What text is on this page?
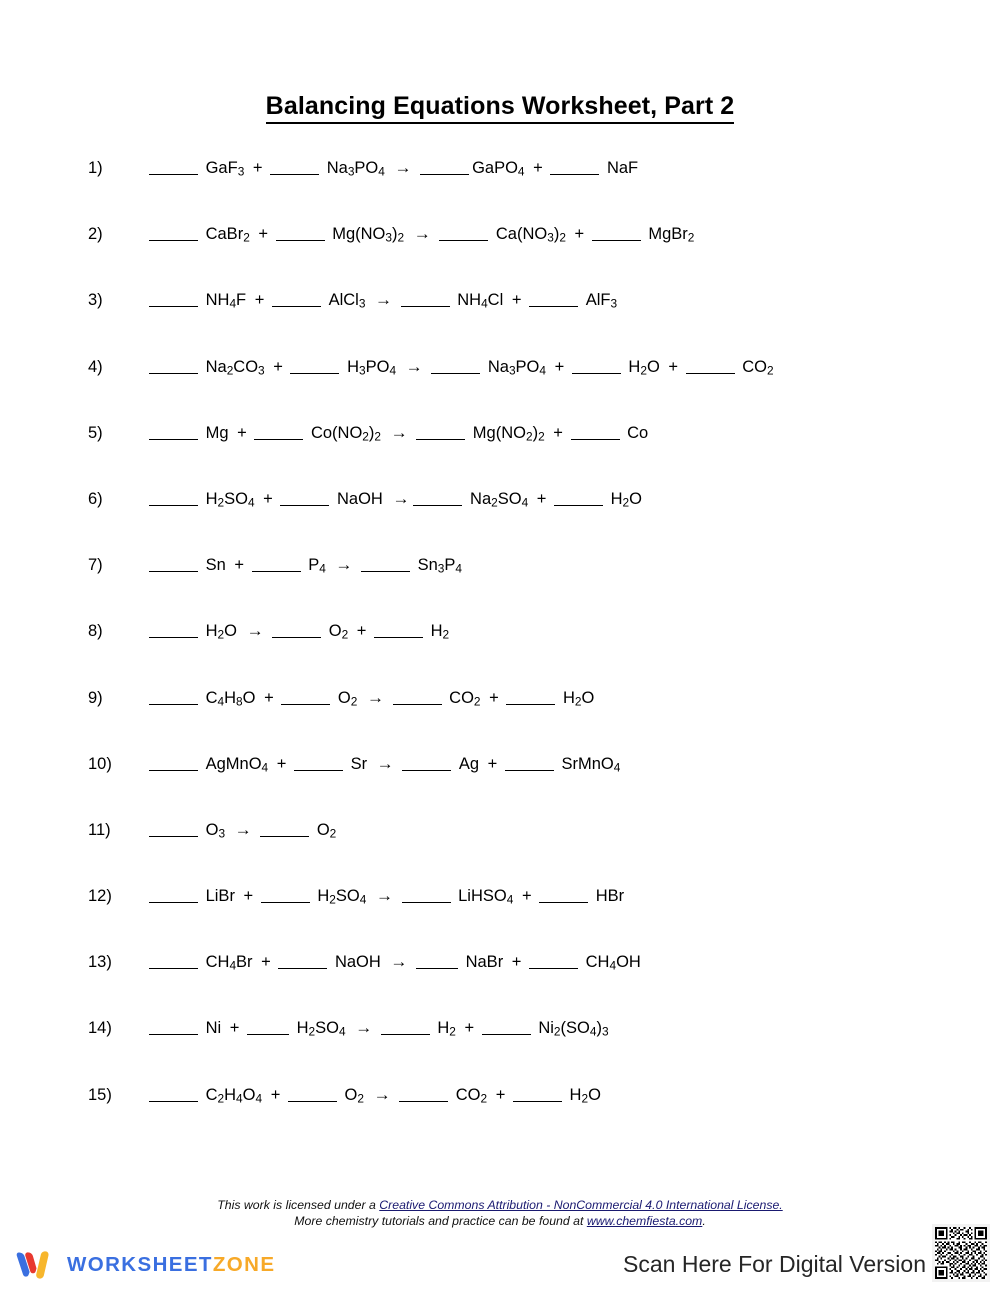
Balancing Equations Worksheet, Part 2
1)	GaF$_3$ +	$Na_3PO_4$ →	GaPO$_4$ +	NaF
2)	CaBr$_2$ +	$Mg(NO_3)_2$ →	$Ca(NO_3)_2$ +	MgBr$_2$
3)	$NH_4F$ +	AlCl$_3$ →	$NH_4Cl$ +	AlF$_3$
4)	$Na_2CO_3$ +	$H_3PO_4$ →	$Na_3PO_4$ +	$H_2O$ +	$CO_2$
5)	Mg +	$Co(NO_2)_2$ →	$Mg(NO_2)_2$ +	Co
6)	$H_2SO_4$ +	NaOH →	$Na_2SO_4$ +	$H_2O$
7)	Sn +	$P_4$ →	$Sn_3P_4$
8)	$H_2O$ →	$O_2$ +	$H_2$
9)	$C_4H_8O$ +	$O_2$ →	$CO_2$ +	$H_2O$
10)	AgMnO$_4$ +	Sr →	Ag +	SrMnO$_4$
11)	$O_3$ →	$O_2$
12)	LiBr +	$H_2SO_4$ →	LiHSO$_4$ +	HBr
13)	$CH_4Br$ +	NaOH →	NaBr +	$CH_4OH$
14)	Ni +	$H_2SO_4$ →	$H_2$ +	$Ni_2(SO_4)_3$
15)	$C_2H_4O_4$ +	$O_2$ →	$CO_2$ +	$H_2O$
This work is licensed under a Creative Commons Attribution - NonCommercial 4.0 International License.
More chemistry tutorials and practice can be found at www.chemfiesta.com.
WORKSHEETZONE	Scan Here For Digital Version
